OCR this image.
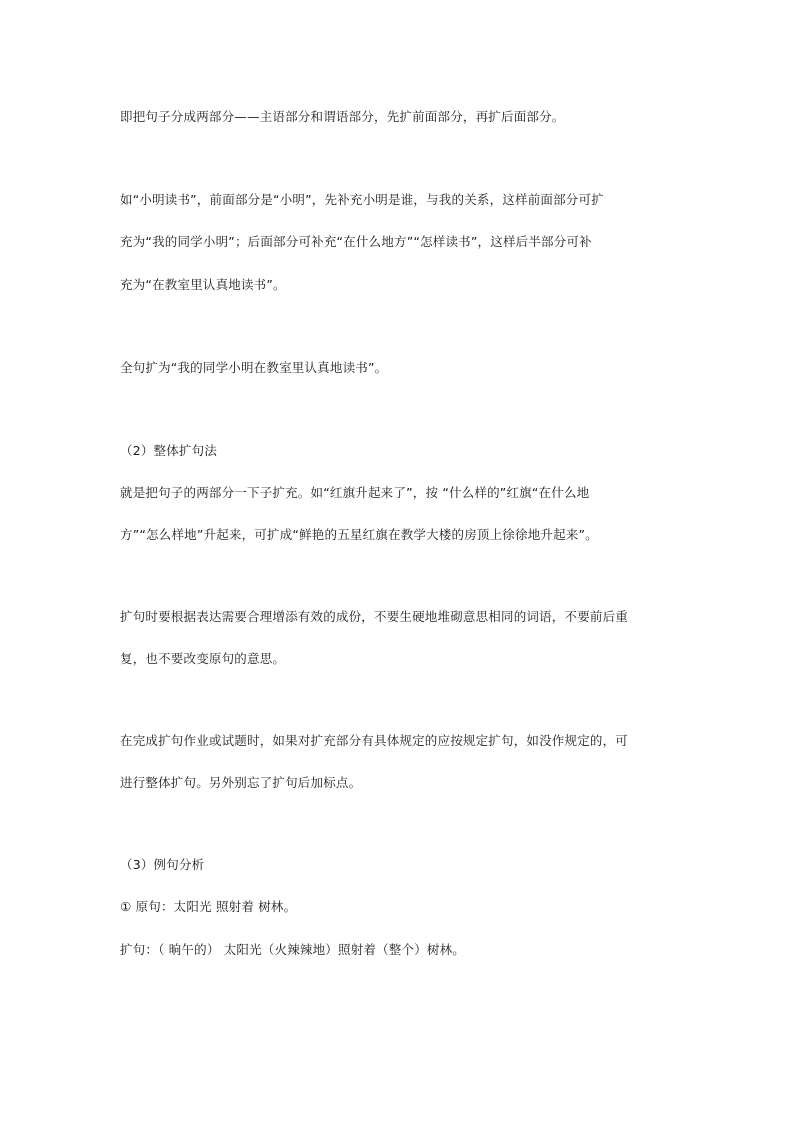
即把句子分成两部分——主语部分和谓语部分，先扩前面部分，再扩后面部分。
如“小明读书”，前面部分是“小明”，先补充小明是谁，与我的关系，这样前面部分可扩
充为“我的同学小明”；后面部分可补充“在什么地方”“怎样读书”，这样后半部分可补
充为“在教室里认真地读书”。
全句扩为“我的同学小明在教室里认真地读书”。
（2）整体扩句法
就是把句子的两部分一下子扩充。如“红旗升起来了”，按 “什么样的”红旗“在什么地
方”“怎么样地”升起来，可扩成“鲜艳的五星红旗在教学大楼的房顶上徐徐地升起来”。
扩句时要根据表达需要合理增添有效的成份，不要生硬地堆砌意思相同的词语，不要前后重
复，也不要改变原句的意思。
在完成扩句作业或试题时，如果对扩充部分有具体规定的应按规定扩句，如没作规定的，可
进行整体扩句。另外别忘了扩句后加标点。
（3）例句分析
① 原句：太阳光 照射着 树林。
扩句：（ 晌午的） 太阳光（火辣辣地）照射着（整个）树林。
